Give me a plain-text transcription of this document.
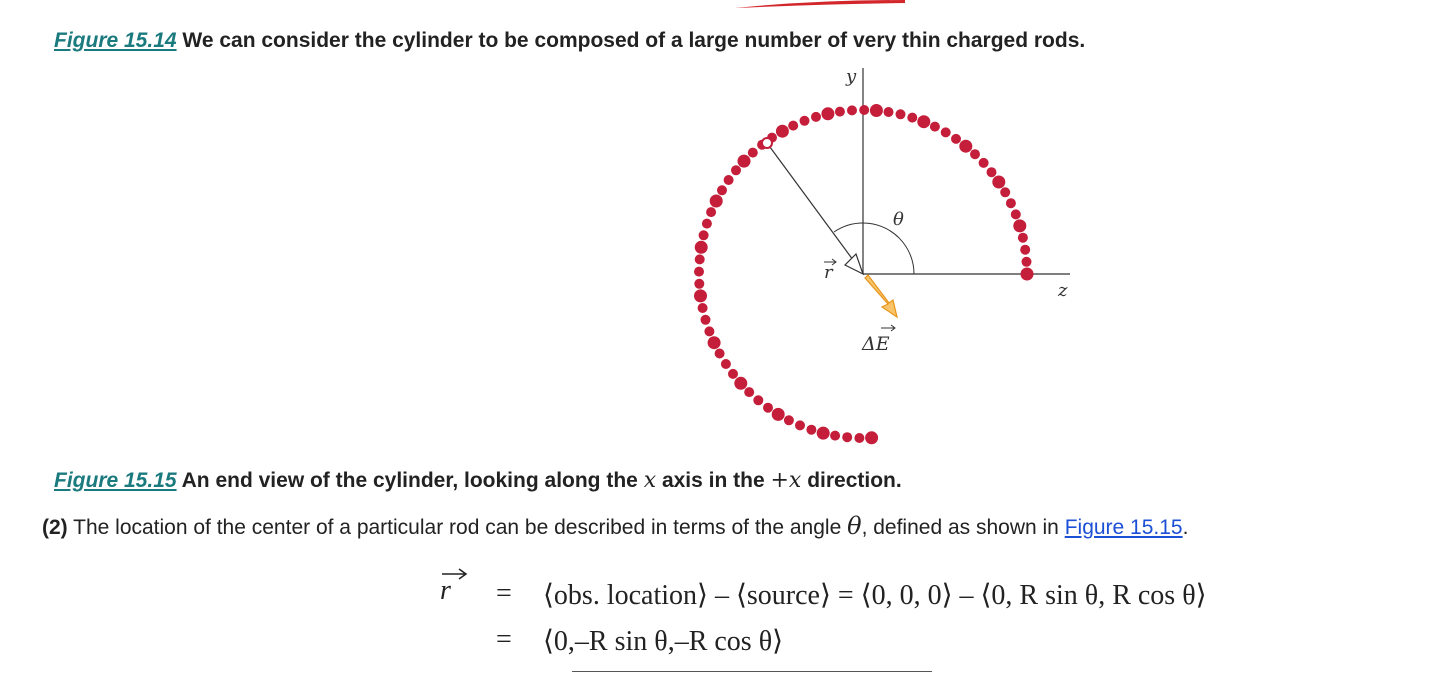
Figure 15.14 We can consider the cylinder to be composed of a large number of very thin charged rods.
y
z
θ
r
ΔE
Figure 15.15 An end view of the cylinder, looking along the x axis in the +x direction.
(2) The location of the center of a particular rod can be described in terms of the angle θ, defined as shown in Figure 15.15.
r = ⟨obs. location⟩ – ⟨source⟩ = ⟨0, 0, 0⟩ – ⟨0, R sin θ, R cos θ⟩
= ⟨0,–R sin θ,–R cos θ⟩
